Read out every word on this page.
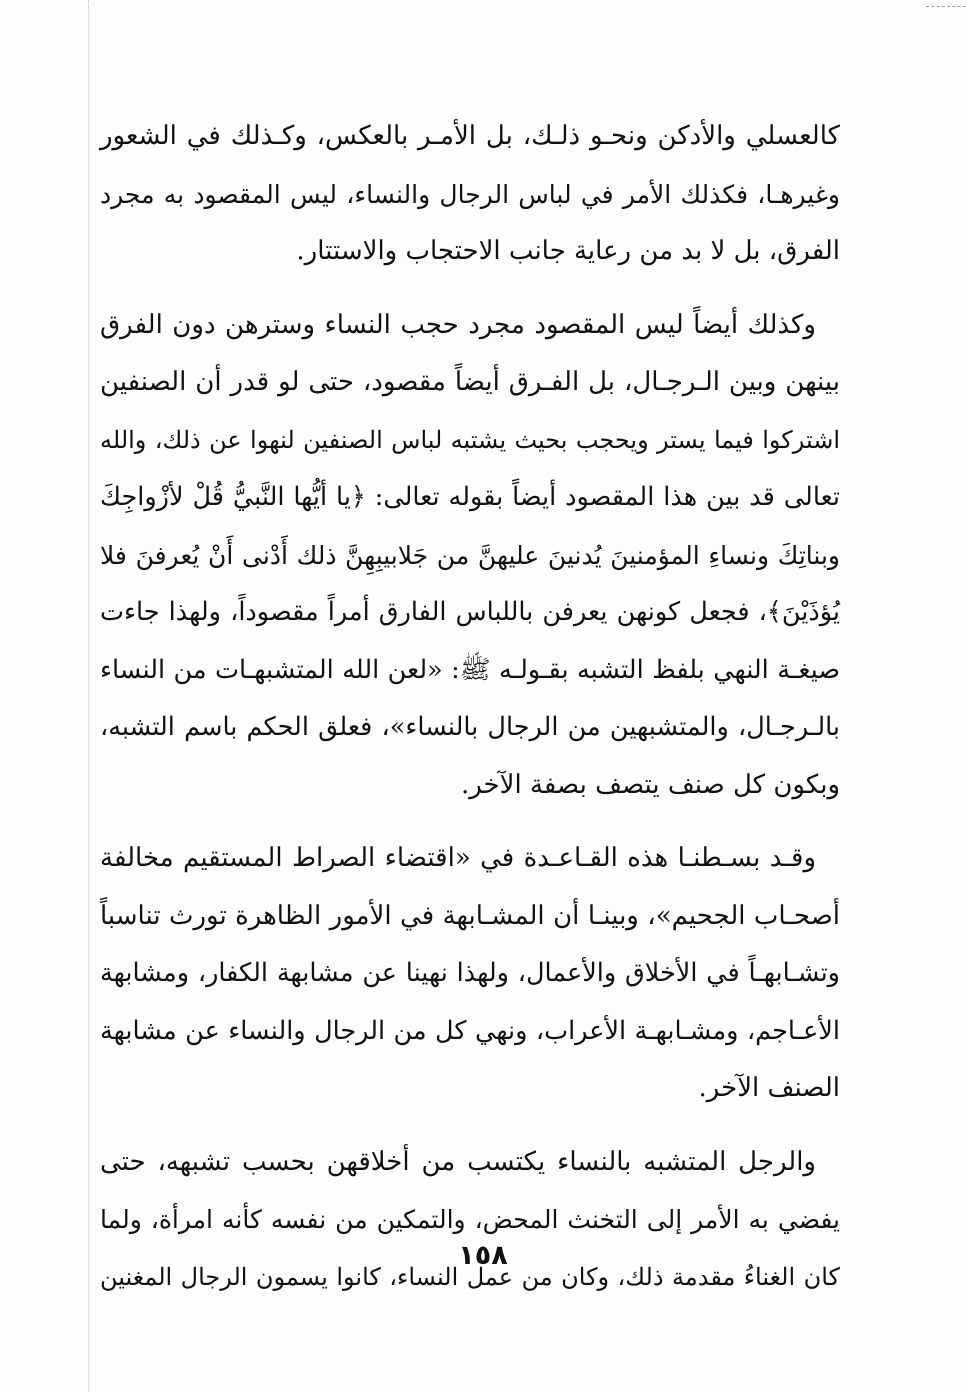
كالعسلي والأدكن ونحـو ذلـك، بل الأمـر بالعكس، وكـذلك في الشعور
وغيرهـا، فكذلك الأمر في لباس الرجال والنساء، ليس المقصود به مجرد
الفرق، بل لا بد من رعاية جانب الاحتجاب والاستتار.
وكذلك أيضاً ليس المقصود مجرد حجب النساء وسترهن دون الفرق
بينهن وبين الـرجـال، بل الفـرق أيضاً مقصود، حتى لو قدر أن الصنفين
اشتركوا فيما يستر ويحجب بحيث يشتبه لباس الصنفين لنهوا عن ذلك، والله
تعالى قد بين هذا المقصود أيضاً بقوله تعالى: ﴿يا أيُّها النَّبيُّ قُلْ لأزْواجِكَ
وبناتِكَ ونساءِ المؤمنينَ يُدنينَ عليهنَّ من جَلابيبِهِنَّ ذلك أَدْنى أَنْ يُعرفنَ فلا
يُؤذَيْنَ﴾، فجعل كونهن يعرفن باللباس الفارق أمراً مقصوداً، ولهذا جاءت
صيغـة النهي بلفظ التشبه بقـولـه ﷺ: «لعن الله المتشبهـات من النساء
بالـرجـال، والمتشبهين من الرجال بالنساء»، فعلق الحكم باسم التشبه،
وبكون كل صنف يتصف بصفة الآخر.
وقـد بسـطنـا هذه القـاعـدة في «اقتضاء الصراط المستقيم مخالفة
أصحـاب الجحيم»، وبينـا أن المشـابهة في الأمور الظاهرة تورث تناسباً
وتشـابهـاً في الأخلاق والأعمال، ولهذا نهينا عن مشابهة الكفار، ومشابهة
الأعـاجم، ومشـابهـة الأعراب، ونهي كل من الرجال والنساء عن مشابهة
الصنف الآخر.
والرجل المتشبه بالنساء يكتسب من أخلاقهن بحسب تشبهه، حتى
يفضي به الأمر إلى التخنث المحض، والتمكين من نفسه كأنه امرأة، ولما
كان الغناءُ مقدمة ذلك، وكان من عمل النساء، كانوا يسمون الرجال المغنين
١٥٨
